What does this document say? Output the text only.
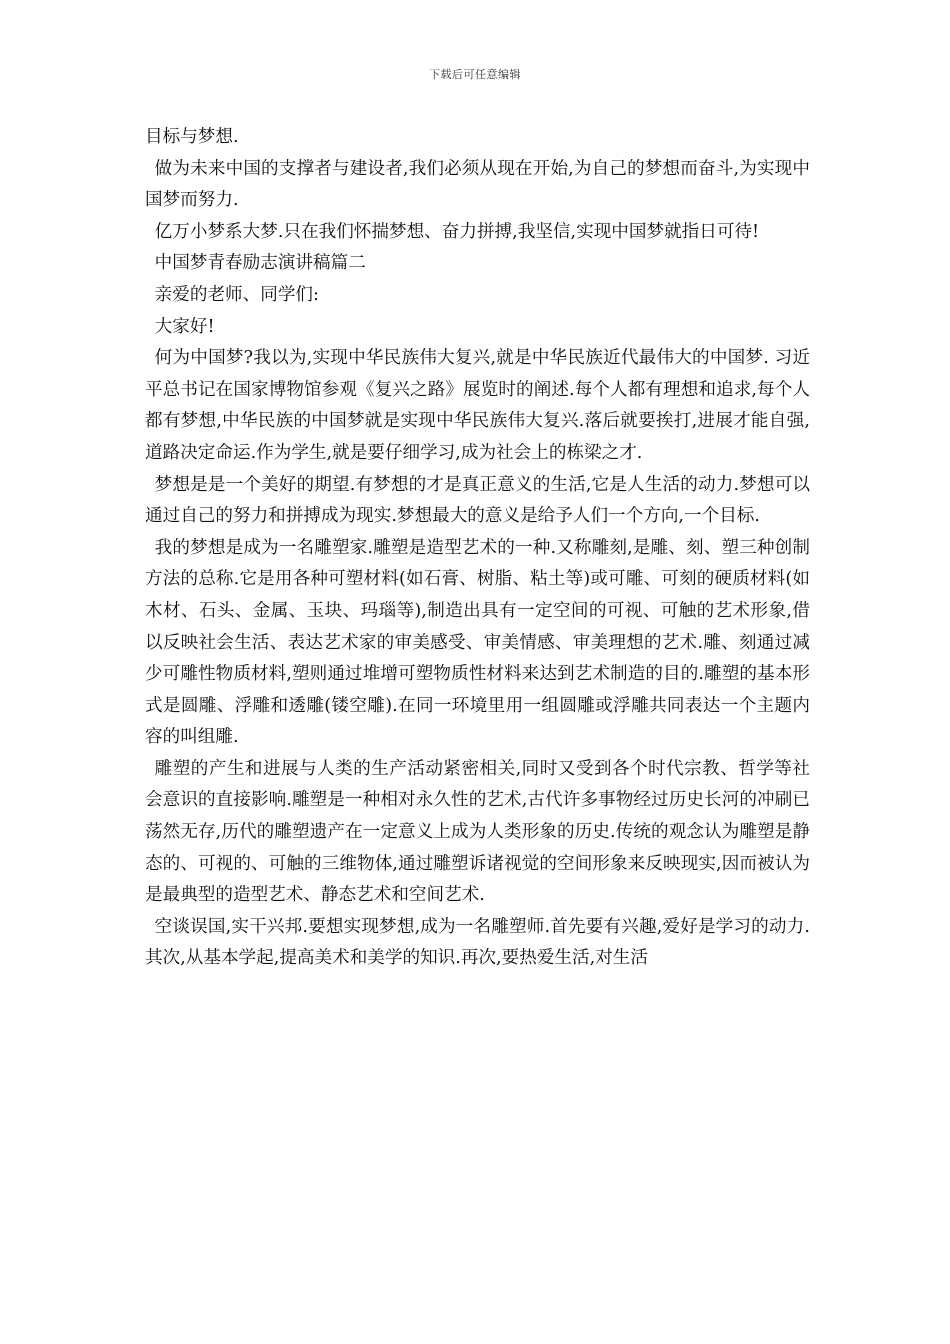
下载后可任意编辑

目标与梦想.

做为未来中国的支撑者与建设者,我们必须从现在开始,为自己的梦想而奋斗,为实现中国梦而努力.

亿万小梦系大梦.只在我们怀揣梦想、奋力拼搏,我坚信,实现中国梦就指日可待!

中国梦青春励志演讲稿篇二

亲爱的老师、同学们:

大家好!

何为中国梦?我以为,实现中华民族伟大复兴,就是中华民族近代最伟大的中国梦. 习近平总书记在国家博物馆参观《复兴之路》展览时的阐述.每个人都有理想和追求,每个人都有梦想,中华民族的中国梦就是实现中华民族伟大复兴.落后就要挨打,进展才能自强,道路决定命运.作为学生,就是要仔细学习,成为社会上的栋梁之才.

梦想是是一个美好的期望.有梦想的才是真正意义的生活,它是人生活的动力.梦想可以通过自己的努力和拼搏成为现实.梦想最大的意义是给予人们一个方向,一个目标.

我的梦想是成为一名雕塑家.雕塑是造型艺术的一种.又称雕刻,是雕、刻、塑三种创制方法的总称.它是用各种可塑材料(如石膏、树脂、粘土等)或可雕、可刻的硬质材料(如木材、石头、金属、玉块、玛瑙等),制造出具有一定空间的可视、可触的艺术形象,借以反映社会生活、表达艺术家的审美感受、审美情感、审美理想的艺术.雕、刻通过减少可雕性物质材料,塑则通过堆增可塑物质性材料来达到艺术制造的目的.雕塑的基本形式是圆雕、浮雕和透雕(镂空雕).在同一环境里用一组圆雕或浮雕共同表达一个主题内容的叫组雕.

雕塑的产生和进展与人类的生产活动紧密相关,同时又受到各个时代宗教、哲学等社会意识的直接影响.雕塑是一种相对永久性的艺术,古代许多事物经过历史长河的冲刷已荡然无存,历代的雕塑遗产在一定意义上成为人类形象的历史.传统的观念认为雕塑是静态的、可视的、可触的三维物体,通过雕塑诉诸视觉的空间形象来反映现实,因而被认为是最典型的造型艺术、静态艺术和空间艺术.

空谈误国,实干兴邦.要想实现梦想,成为一名雕塑师.首先要有兴趣,爱好是学习的动力.其次,从基本学起,提高美术和美学的知识.再次,要热爱生活,对生活
